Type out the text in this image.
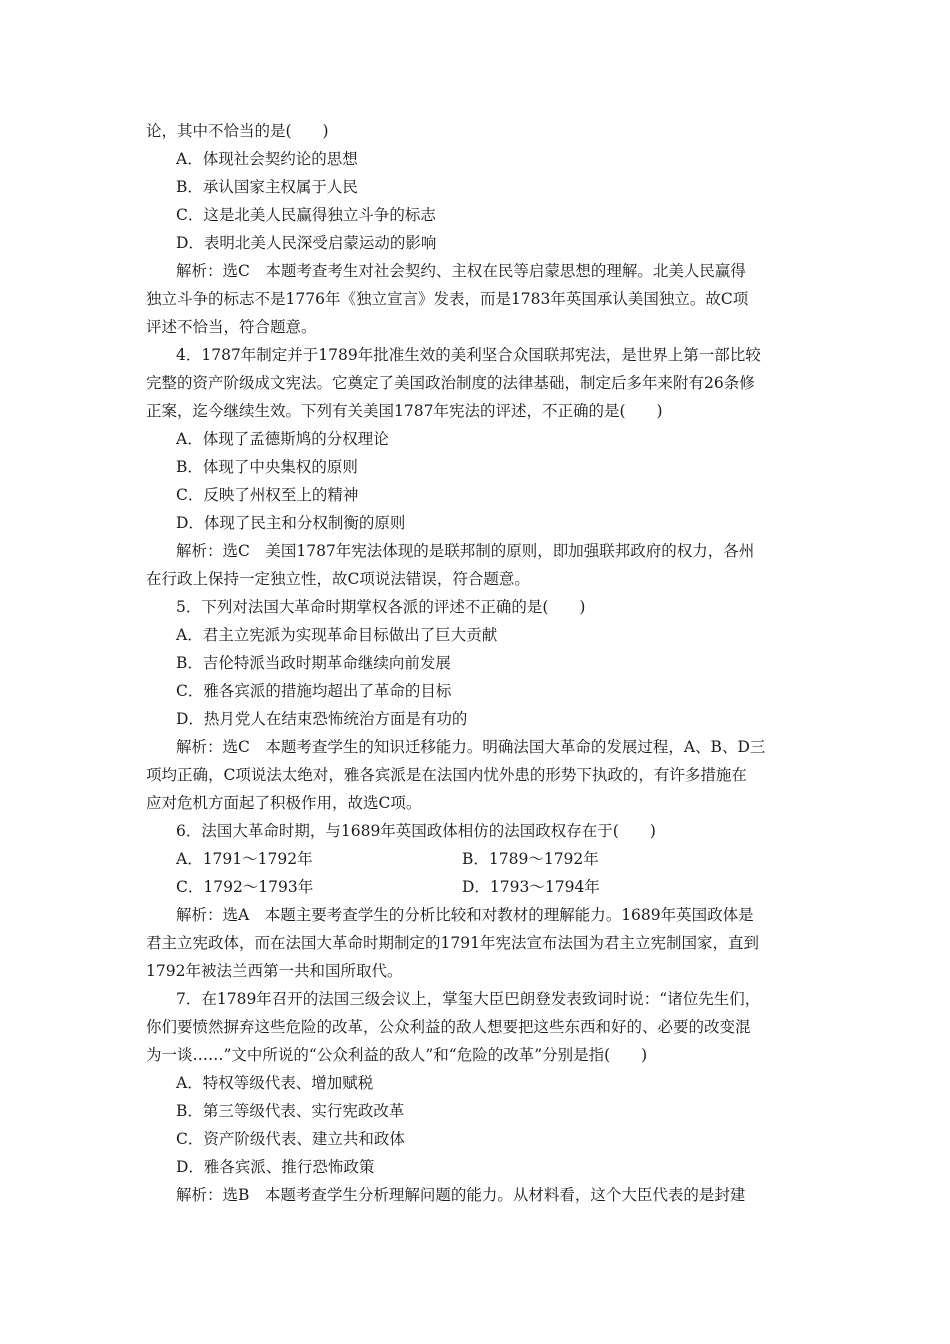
论，其中不恰当的是(　　)
A．体现社会契约论的思想
B．承认国家主权属于人民
C．这是北美人民赢得独立斗争的标志
D．表明北美人民深受启蒙运动的影响
解析：选C　本题考查考生对社会契约、主权在民等启蒙思想的理解。北美人民赢得
独立斗争的标志不是1776年《独立宣言》发表，而是1783年英国承认美国独立。故C项
评述不恰当，符合题意。
4．1787年制定并于1789年批准生效的美利坚合众国联邦宪法，是世界上第一部比较
完整的资产阶级成文宪法。它奠定了美国政治制度的法律基础，制定后多年来附有26条修
正案，迄今继续生效。下列有关美国1787年宪法的评述，不正确的是(　　)
A．体现了孟德斯鸠的分权理论
B．体现了中央集权的原则
C．反映了州权至上的精神
D．体现了民主和分权制衡的原则
解析：选C　美国1787年宪法体现的是联邦制的原则，即加强联邦政府的权力，各州
在行政上保持一定独立性，故C项说法错误，符合题意。
5．下列对法国大革命时期掌权各派的评述不正确的是(　　)
A．君主立宪派为实现革命目标做出了巨大贡献
B．吉伦特派当政时期革命继续向前发展
C．雅各宾派的措施均超出了革命的目标
D．热月党人在结束恐怖统治方面是有功的
解析：选C　本题考查学生的知识迁移能力。明确法国大革命的发展过程，A、B、D三
项均正确，C项说法太绝对，雅各宾派是在法国内忧外患的形势下执政的，有许多措施在
应对危机方面起了积极作用，故选C项。
6．法国大革命时期，与1689年英国政体相仿的法国政权存在于(　　)
A．1791～1792年	B．1789～1792年
C．1792～1793年	D．1793～1794年
解析：选A　本题主要考查学生的分析比较和对教材的理解能力。1689年英国政体是
君主立宪政体，而在法国大革命时期制定的1791年宪法宣布法国为君主立宪制国家，直到
1792年被法兰西第一共和国所取代。
7．在1789年召开的法国三级会议上，掌玺大臣巴朗登发表致词时说：“诸位先生们，
你们要愤然摒弃这些危险的改革，公众利益的敌人想要把这些东西和好的、必要的改变混
为一谈……”文中所说的“公众利益的敌人”和“危险的改革”分别是指(　　)
A．特权等级代表、增加赋税
B．第三等级代表、实行宪政改革
C．资产阶级代表、建立共和政体
D．雅各宾派、推行恐怖政策
解析：选B　本题考查学生分析理解问题的能力。从材料看，这个大臣代表的是封建
